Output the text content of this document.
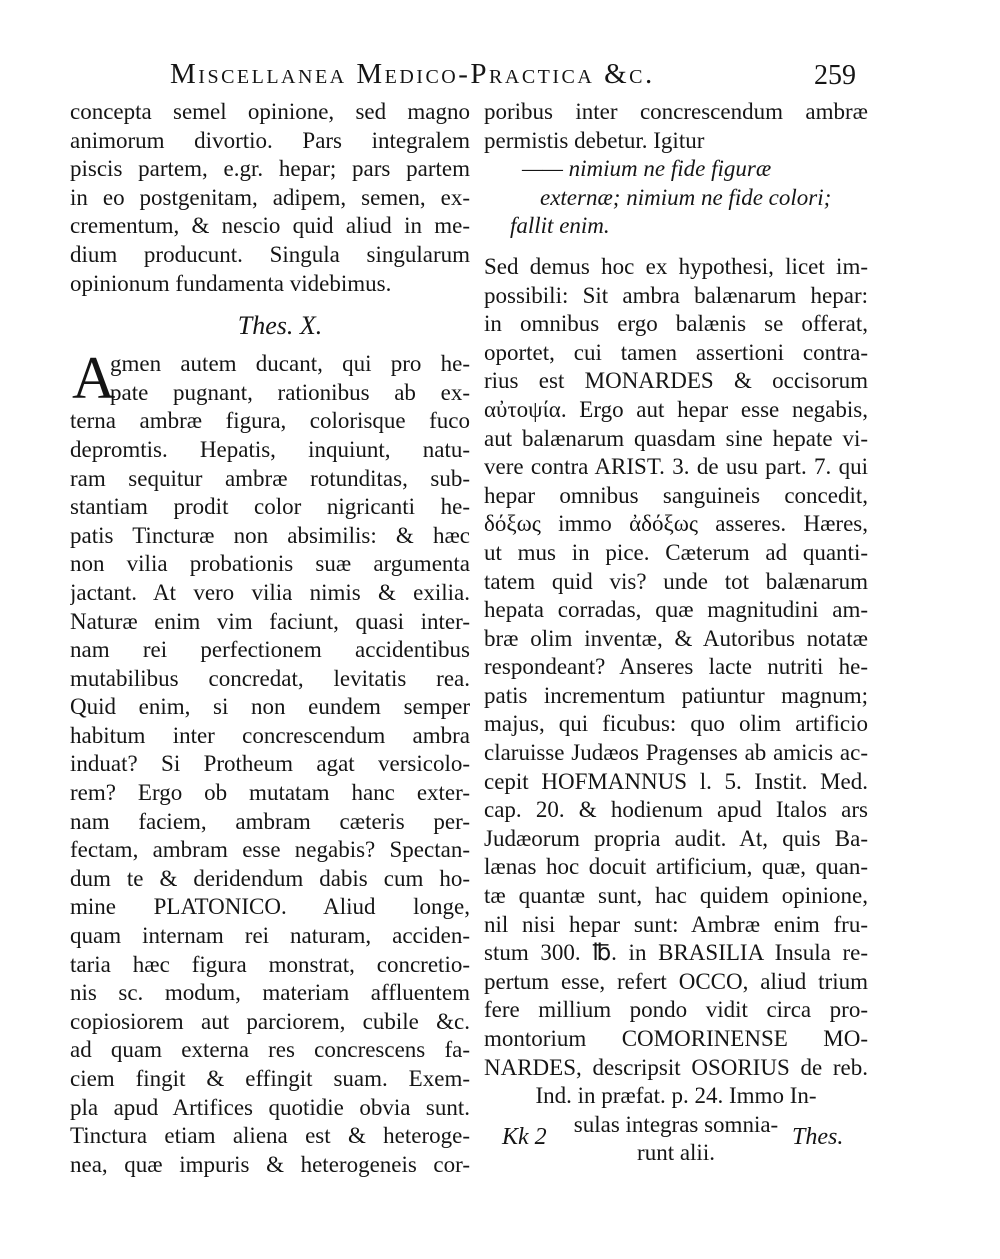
Miscellanea Medico-Practica &c.	259
concepta semel opinione, sed magno
animorum divortio. Pars integralem
piscis partem, e.gr. hepar; pars partem
in eo postgenitam, adipem, semen, ex-
crementum, & nescio quid aliud in me-
dium producunt. Singula singularum
opinionum fundamenta videbimus.
Thes. X.
A
gmen autem ducant, qui pro he-
pate pugnant, rationibus ab ex-
terna ambræ figura, colorisque fuco
depromtis. Hepatis, inquiunt, natu-
ram sequitur ambræ rotunditas, sub-
stantiam prodit color nigricanti he-
patis Tincturæ non absimilis: & hæc
non vilia probationis suæ argumenta
jactant. At vero vilia nimis & exilia.
Naturæ enim vim faciunt, quasi inter-
nam rei perfectionem accidentibus
mutabilibus concredat, levitatis rea.
Quid enim, si non eundem semper
habitum inter concrescendum ambra
induat? Si Protheum agat versicolo-
rem? Ergo ob mutatam hanc exter-
nam faciem, ambram cæteris per-
fectam, ambram esse negabis? Spectan-
dum te & deridendum dabis cum ho-
mine PLATONICO. Aliud longe,
quam internam rei naturam, acciden-
taria hæc figura monstrat, concretio-
nis sc. modum, materiam affluentem
copiosiorem aut parciorem, cubile &c.
ad quam externa res concrescens fa-
ciem fingit & effingit suam. Exem-
pla apud Artifices quotidie obvia sunt.
Tinctura etiam aliena est & heteroge-
nea, quæ impuris & heterogeneis cor-
poribus inter concrescendum ambræ
permistis debetur. Igitur
—— nimium ne fide figuræ
externæ; nimium ne fide colori;
fallit enim.
Sed demus hoc ex hypothesi, licet im-
possibili: Sit ambra balænarum hepar:
in omnibus ergo balænis se offerat,
oportet, cui tamen assertioni contra-
rius est MONARDES & occisorum
αὐτοψία. Ergo aut hepar esse negabis,
aut balænarum quasdam sine hepate vi-
vere contra ARIST. 3. de usu part. 7. qui
hepar omnibus sanguineis concedit,
δόξως immo ἀδόξως asseres. Hæres,
ut mus in pice. Cæterum ad quanti-
tatem quid vis? unde tot balænarum
hepata corradas, quæ magnitudini am-
bræ olim inventæ, & Autoribus notatæ
respondeant? Anseres lacte nutriti he-
patis incrementum patiuntur magnum;
majus, qui ficubus: quo olim artificio
claruisse Judæos Pragenses ab amicis ac-
cepit HOFMANNUS l. 5. Instit. Med.
cap. 20. & hodienum apud Italos ars
Judæorum propria audit. At, quis Ba-
lænas hoc docuit artificium, quæ, quan-
tæ quantæ sunt, hac quidem opinione,
nil nisi hepar sunt: Ambræ enim fru-
stum 300. ℔. in BRASILIA Insula re-
pertum esse, refert OCCO, aliud trium
fere millium pondo vidit circa pro-
montorium COMORINENSE MO-
NARDES, descripsit OSORIUS de reb.
Ind. in præfat. p. 24. Immo In-
sulas integras somnia-
runt alii.
Kk 2	Thes.
